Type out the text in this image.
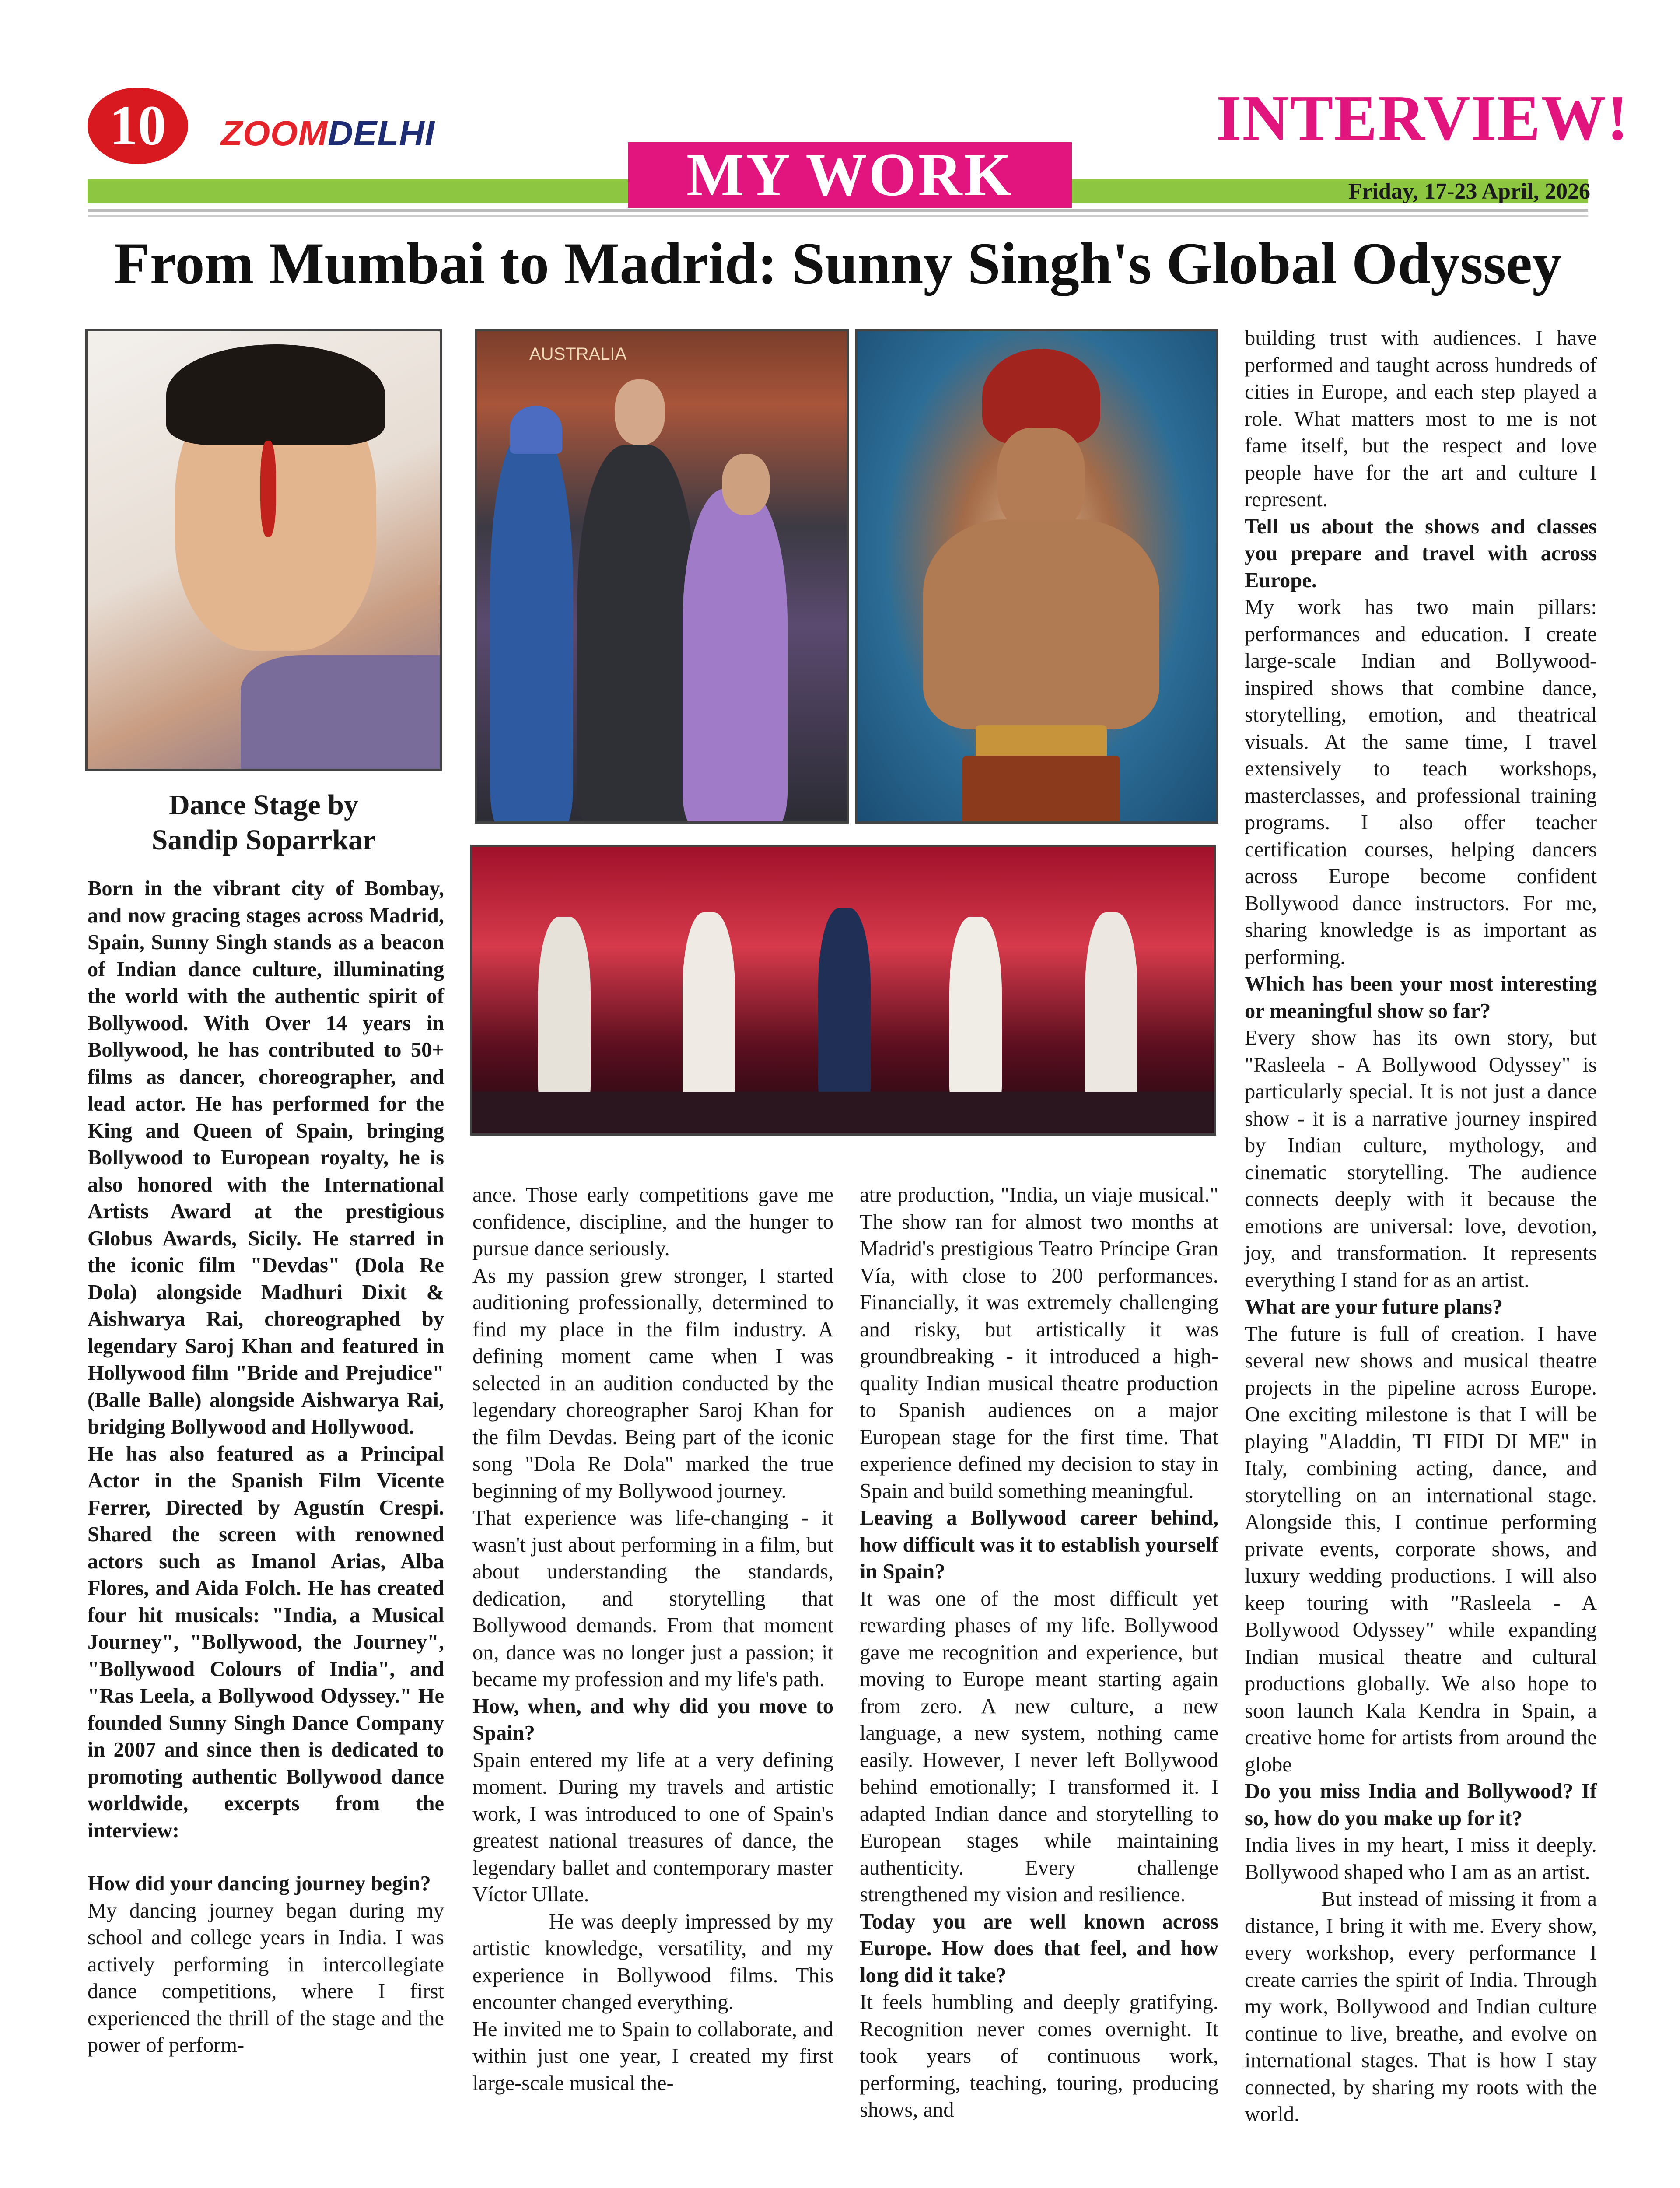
10	ZOOMDELHI	INTERVIEW!
MY WORK	Friday, 17-23 April, 2026
From Mumbai to Madrid: Sunny Singh's Global Odyssey
AUSTRALIA
Dance Stage by
Sandip Soparrkar

Born in the vibrant city of Bombay, and now gracing stages across Madrid, Spain, Sunny Singh stands as a beacon of Indian dance culture, illuminating the world with the authentic spirit of Bollywood. With Over 14 years in Bollywood, he has contributed to 50+ films as dancer, choreographer, and lead actor. He has performed for the King and Queen of Spain, bringing Bollywood to European royalty, he is also honored with the International Artists Award at the prestigious Globus Awards, Sicily. He starred in the iconic film "Devdas" (Dola Re Dola) alongside Madhuri Dixit & Aishwarya Rai, choreographed by legendary Saroj Khan and featured in Hollywood film "Bride and Prejudice" (Balle Balle) alongside Aishwarya Rai, bridging Bollywood and Hollywood.

He has also featured as a Principal Actor in the Spanish Film Vicente Ferrer, Directed by Agustín Crespi. Shared the screen with renowned actors such as Imanol Arias, Alba Flores, and Aida Folch. He has created four hit musicals: "India, a Musical Journey", "Bollywood, the Journey", "Bollywood Colours of India", and "Ras Leela, a Bollywood Odyssey." He founded Sunny Singh Dance Company in 2007 and since then is dedicated to promoting authentic Bollywood dance worldwide, excerpts from the interview:

How did your dancing journey begin?

My dancing journey began during my school and college years in India. I was actively performing in intercollegiate dance competitions, where I first experienced the thrill of the stage and the power of perform-

ance. Those early competitions gave me confidence, discipline, and the hunger to pursue dance seriously.

As my passion grew stronger, I started auditioning professionally, determined to find my place in the film industry. A defining moment came when I was selected in an audition conducted by the legendary choreographer Saroj Khan for the film Devdas. Being part of the iconic song "Dola Re Dola" marked the true beginning of my Bollywood journey.

That experience was life-changing - it wasn't just about performing in a film, but about understanding the standards, dedication, and storytelling that Bollywood demands. From that moment on, dance was no longer just a passion; it became my profession and my life's path.

How, when, and why did you move to Spain?

Spain entered my life at a very defining moment. During my travels and artistic work, I was introduced to one of Spain's greatest national treasures of dance, the legendary ballet and contemporary master Víctor Ullate.

He was deeply impressed by my artistic knowledge, versatility, and my experience in Bollywood films. This encounter changed everything.

He invited me to Spain to collaborate, and within just one year, I created my first large-scale musical the-

atre production, "India, un viaje musical." The show ran for almost two months at Madrid's prestigious Teatro Príncipe Gran Vía, with close to 200 performances. Financially, it was extremely challenging and risky, but artistically it was groundbreaking - it introduced a high-quality Indian musical theatre production to Spanish audiences on a major European stage for the first time. That experience defined my decision to stay in Spain and build something meaningful.

Leaving a Bollywood career behind, how difficult was it to establish yourself in Spain?

It was one of the most difficult yet rewarding phases of my life. Bollywood gave me recognition and experience, but moving to Europe meant starting again from zero. A new culture, a new language, a new system, nothing came easily. However, I never left Bollywood behind emotionally; I transformed it. I adapted Indian dance and storytelling to European stages while maintaining authenticity. Every challenge strengthened my vision and resilience.

Today you are well known across Europe. How does that feel, and how long did it take?

It feels humbling and deeply gratifying. Recognition never comes overnight. It took years of continuous work, performing, teaching, touring, producing shows, and

building trust with audiences. I have performed and taught across hundreds of cities in Europe, and each step played a role. What matters most to me is not fame itself, but the respect and love people have for the art and culture I represent.

Tell us about the shows and classes you prepare and travel with across Europe.

My work has two main pillars: performances and education. I create large-scale Indian and Bollywood-inspired shows that combine dance, storytelling, emotion, and theatrical visuals. At the same time, I travel extensively to teach workshops, masterclasses, and professional training programs. I also offer teacher certification courses, helping dancers across Europe become confident Bollywood dance instructors. For me, sharing knowledge is as important as performing.

Which has been your most interesting or meaningful show so far?

Every show has its own story, but "Rasleela - A Bollywood Odyssey" is particularly special. It is not just a dance show - it is a narrative journey inspired by Indian culture, mythology, and cinematic storytelling. The audience connects deeply with it because the emotions are universal: love, devotion, joy, and transformation. It represents everything I stand for as an artist.

What are your future plans?

The future is full of creation. I have several new shows and musical theatre projects in the pipeline across Europe. One exciting milestone is that I will be playing "Aladdin, TI FIDI DI ME" in Italy, combining acting, dance, and storytelling on an international stage. Alongside this, I continue performing private events, corporate shows, and luxury wedding productions. I will also keep touring with "Rasleela - A Bollywood Odyssey" while expanding Indian musical theatre and cultural productions globally. We also hope to soon launch Kala Kendra in Spain, a creative home for artists from around the globe

Do you miss India and Bollywood? If so, how do you make up for it?

India lives in my heart, I miss it deeply. Bollywood shaped who I am as an artist.

But instead of missing it from a distance, I bring it with me. Every show, every workshop, every performance I create carries the spirit of India. Through my work, Bollywood and Indian culture continue to live, breathe, and evolve on international stages. That is how I stay connected, by sharing my roots with the world.
